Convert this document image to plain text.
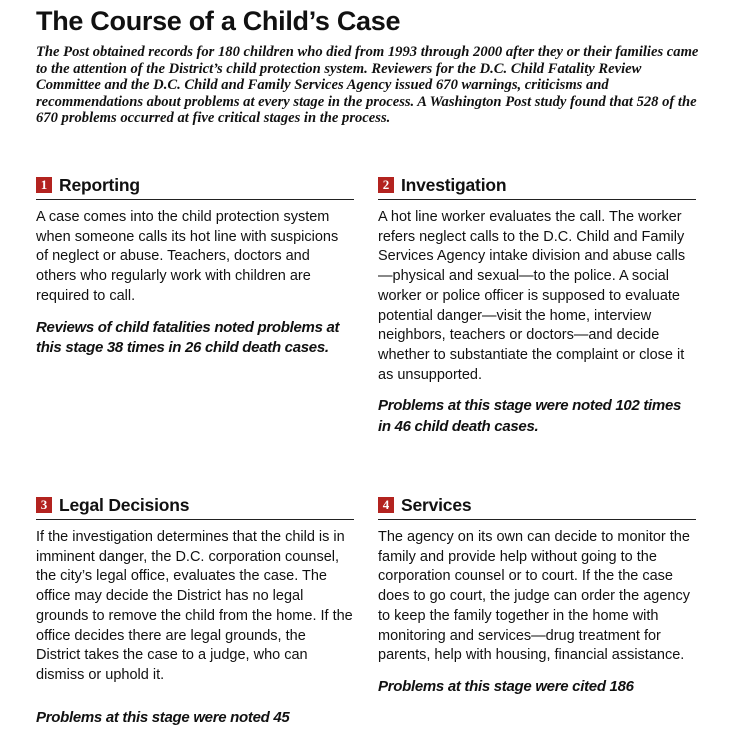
The Course of a Child’s Case

The Post obtained records for 180 children who died from 1993 through 2000 after they or their families came to the attention of the District’s child protection system. Reviewers for the D.C. Child Fatality Review Committee and the D.C. Child and Family Services Agency issued 670 warnings, criticisms and recommendations about problems at every stage in the process. A Washington Post study found that 528 of the 670 problems occurred at five critical stages in the process.

1 Reporting

A case comes into the child protection system when someone calls its hot line with suspicions of neglect or abuse. Teachers, doctors and others who regularly work with children are required to call.

Reviews of child fatalities noted problems at this stage 38 times in 26 child death cases.

2 Investigation

A hot line worker evaluates the call. The worker refers neglect calls to the D.C. Child and Family Services Agency intake division and abuse calls—physical and sexual—to the police. A social worker or police officer is supposed to evaluate potential danger—visit the home, interview neighbors, teachers or doctors—and decide whether to substantiate the complaint or close it as unsupported.

Problems at this stage were noted 102 times in 46 child death cases.

3 Legal Decisions

If the investigation determines that the child is in imminent danger, the D.C. corporation counsel, the city’s legal office, evaluates the case. The office may decide the District has no legal grounds to remove the child from the home. If the office decides there are legal grounds, the District takes the case to a judge, who can dismiss or uphold it.

Problems at this stage were noted 45

4 Services

The agency on its own can decide to monitor the family and provide help without going to the corporation counsel or to court. If the the case does to go court, the judge can order the agency to keep the family together in the home with monitoring and services—drug treatment for parents, help with housing, financial assistance.

Problems at this stage were cited 186
